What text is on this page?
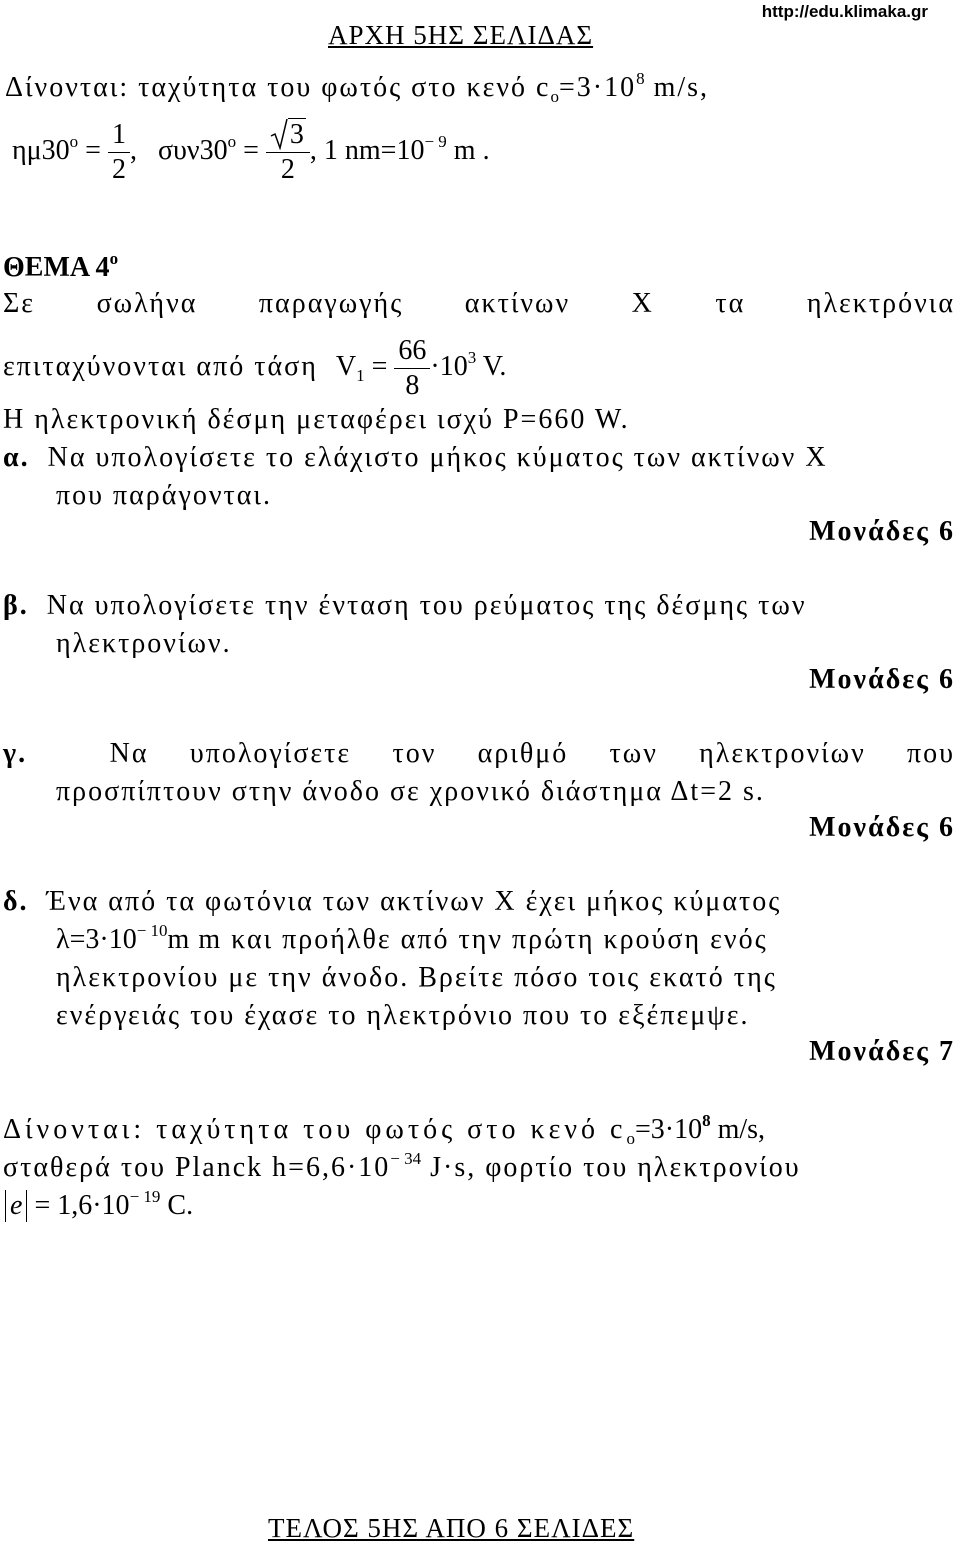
ΑΡΧΗ 5ΗΣ ΣΕΛΙΔΑΣ
http://edu.klimaka.gr
Δίνονται: ταχύτητα του φωτός στο κενό $c_o=3\cdot 10^8$ m/s,
$\eta\mu 30^o = \frac{1}{2}$ , $\sigma\upsilon\nu 30^o = \frac{3}{2}$ , 1 $nm=10^{- 9}$ m .
ΘΕΜΑ $4^o$
Σε σωλήνα παραγωγής ακτίνων Χ τα ηλεκτρόνια
επιταχύνονται από τάση $V_1 = \frac{66}{8} \cdot 10^3$ V.
Η ηλεκτρονική δέσμη μεταφέρει ισχύ P=660 W.
α. Να υπολογίσετε το ελάχιστο μήκος κύματος των ακτίνων Χ
που παράγονται.
Μονάδες 6
β. Να υπολογίσετε την ένταση του ρεύματος της δέσμης των
ηλεκτρονίων.
Μονάδες 6
γ.	Να υπολογίσετε τον αριθμό των ηλεκτρονίων που
προσπίπτουν στην άνοδο σε χρονικό διάστημα Δt=2 s.
Μονάδες 6
δ. Ένα από τα φωτόνια των ακτίνων Χ έχει μήκος κύματος
$\lambda=3\cdot 10^{- 10}m$ m και προήλθε από την πρώτη κρούση ενός
ηλεκτρονίου με την άνοδο. Βρείτε πόσο τοις εκατό της
ενέργειάς του έχασε το ηλεκτρόνιο που το εξέπεμψε.
Μονάδες 7
Δίνονται: ταχύτητα του φωτός στο κενό $c_o=3\cdot 10^8$ m/s,
σταθερά του Planck $h=6,6\cdot 10^{- 34}$ J·s, φορτίο του ηλεκτρονίου
$e = 1,6\cdot 10^{- 19}$ C.
ΤΕΛΟΣ 5ΗΣ ΑΠΟ 6 ΣΕΛΙΔΕΣ
